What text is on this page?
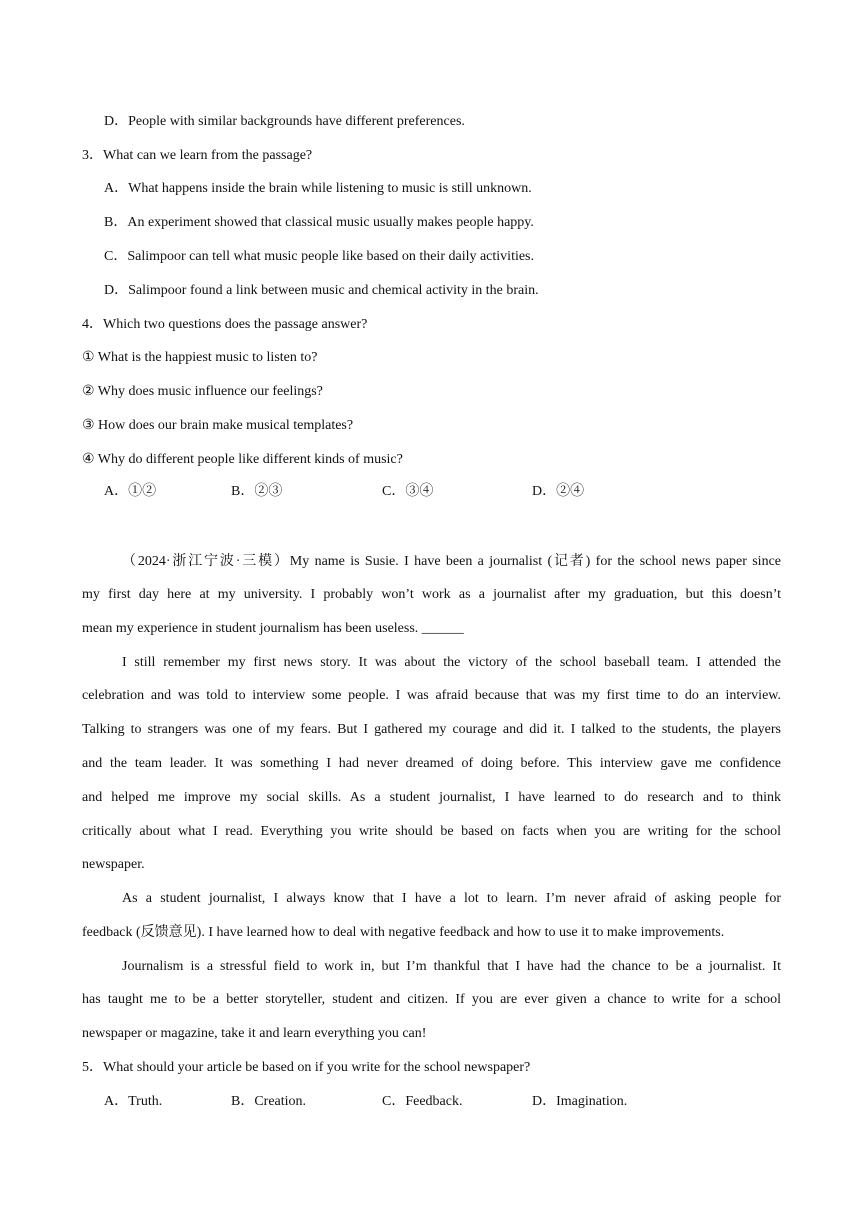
D．People with similar backgrounds have different preferences.
3．What can we learn from the passage?
A．What happens inside the brain while listening to music is still unknown.
B．An experiment showed that classical music usually makes people happy.
C．Salimpoor can tell what music people like based on their daily activities.
D．Salimpoor found a link between music and chemical activity in the brain.
4．Which two questions does the passage answer?
① What is the happiest music to listen to?
② Why does music influence our feelings?
③ How does our brain make musical templates?
④ Why do different people like different kinds of music?
A．①②	B．②③	C．③④	D．②④
（2024·浙江宁波·三模）My name is Susie. I have been a journalist (记者) for the school news paper since
my first day here at my university. I probably won’t work as a journalist after my graduation, but this doesn’t
mean my experience in student journalism has been useless. ______
I still remember my first news story. It was about the victory of the school baseball team. I attended the
celebration and was told to interview some people. I was afraid because that was my first time to do an interview.
Talking to strangers was one of my fears. But I gathered my courage and did it. I talked to the students, the players
and the team leader. It was something I had never dreamed of doing before. This interview gave me confidence
and helped me improve my social skills. As a student journalist, I have learned to do research and to think
critically about what I read. Everything you write should be based on facts when you are writing for the school
newspaper.
As a student journalist, I always know that I have a lot to learn. I’m never afraid of asking people for
feedback (反馈意见). I have learned how to deal with negative feedback and how to use it to make improvements.
Journalism is a stressful field to work in, but I’m thankful that I have had the chance to be a journalist. It
has taught me to be a better storyteller, student and citizen. If you are ever given a chance to write for a school
newspaper or magazine, take it and learn everything you can!
5．What should your article be based on if you write for the school newspaper?
A．Truth.	B．Creation.	C．Feedback.	D．Imagination.
